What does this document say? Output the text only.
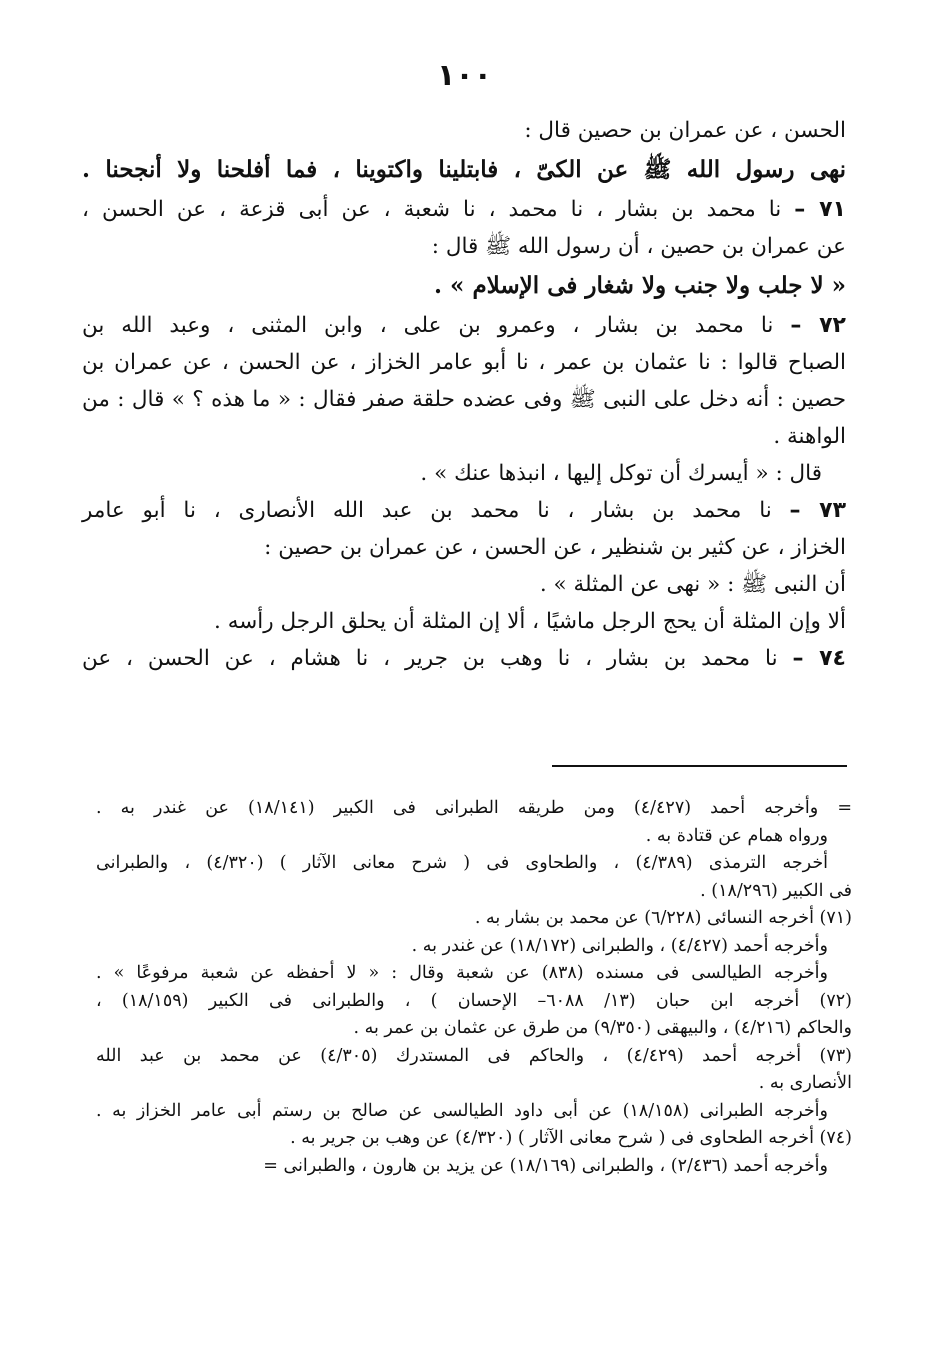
١٠٠
الحسن ، عن عمران بن حصين قال :
نهى رسول الله ﷺ عن الكىّ ، فابتلينا واكتوينا ، فما أفلحنا ولا أنجحنا .
٧١ – نا محمد بن بشار ، نا محمد ، نا شعبة ، عن أبى قزعة ، عن الحسن ،
عن عمران بن حصين ، أن رسول الله ﷺ قال :
« لا جلب ولا جنب ولا شغار فى الإسلام » .
٧٢ – نا محمد بن بشار ، وعمرو بن على ، وابن المثنى ، وعبد الله بن
الصباح قالوا : نا عثمان بن عمر ، نا أبو عامر الخزاز ، عن الحسن ، عن عمران بن
حصين : أنه دخل على النبى ﷺ وفى عضده حلقة صفر فقال : « ما هذه ؟ » قال : من
الواهنة .
قال : « أيسرك أن توكل إليها ، انبذها عنك » .
٧٣ – نا محمد بن بشار ، نا محمد بن عبد الله الأنصارى ، نا أبو عامر
الخزاز ، عن كثير بن شنظير ، عن الحسن ، عن عمران بن حصين :
أن النبى ﷺ : « نهى عن المثلة » .
ألا وإن المثلة أن يحج الرجل ماشيًا ، ألا إن المثلة أن يحلق الرجل رأسه .
٧٤ – نا محمد بن بشار ، نا وهب بن جرير ، نا هشام ، عن الحسن ، عن
= وأخرجه أحمد (٤/٤٢٧) ومن طريقه الطبرانى فى الكبير (١٨/١٤١) عن غندر به .
ورواه همام عن قتادة به .
أخرجه الترمذى (٤/٣٨٩) ، والطحاوى فى ( شرح معانى الآثار ) (٤/٣٢٠) ، والطبرانى
فى الكبير (١٨/٢٩٦) .
(٧١) أخرجه النسائى (٦/٢٢٨) عن محمد بن بشار به .
وأخرجه أحمد (٤/٤٢٧) ، والطبرانى (١٨/١٧٢) عن غندر به .
وأخرجه الطيالسى فى مسنده (٨٣٨) عن شعبة وقال : « لا أحفظه عن شعبة مرفوعًا » .
(٧٢) أخرجه ابن حبان (١٣/ ٦٠٨٨– الإحسان ) ، والطبرانى فى الكبير (١٨/١٥٩) ،
والحاكم (٤/٢١٦) ، والبيهقى (٩/٣٥٠) من طرق عن عثمان بن عمر به .
(٧٣) أخرجه أحمد (٤/٤٢٩) ، والحاكم فى المستدرك (٤/٣٠٥) عن محمد بن عبد الله
الأنصارى به .
وأخرجه الطبرانى (١٨/١٥٨) عن أبى داود الطيالسى عن صالح بن رستم أبى عامر الخزاز به .
(٧٤) أخرجه الطحاوى فى ( شرح معانى الآثار ) (٤/٣٢٠) عن وهب بن جرير به .
وأخرجه أحمد (٢/٤٣٦) ، والطبرانى (١٨/١٦٩) عن يزيد بن هارون ، والطبرانى =
